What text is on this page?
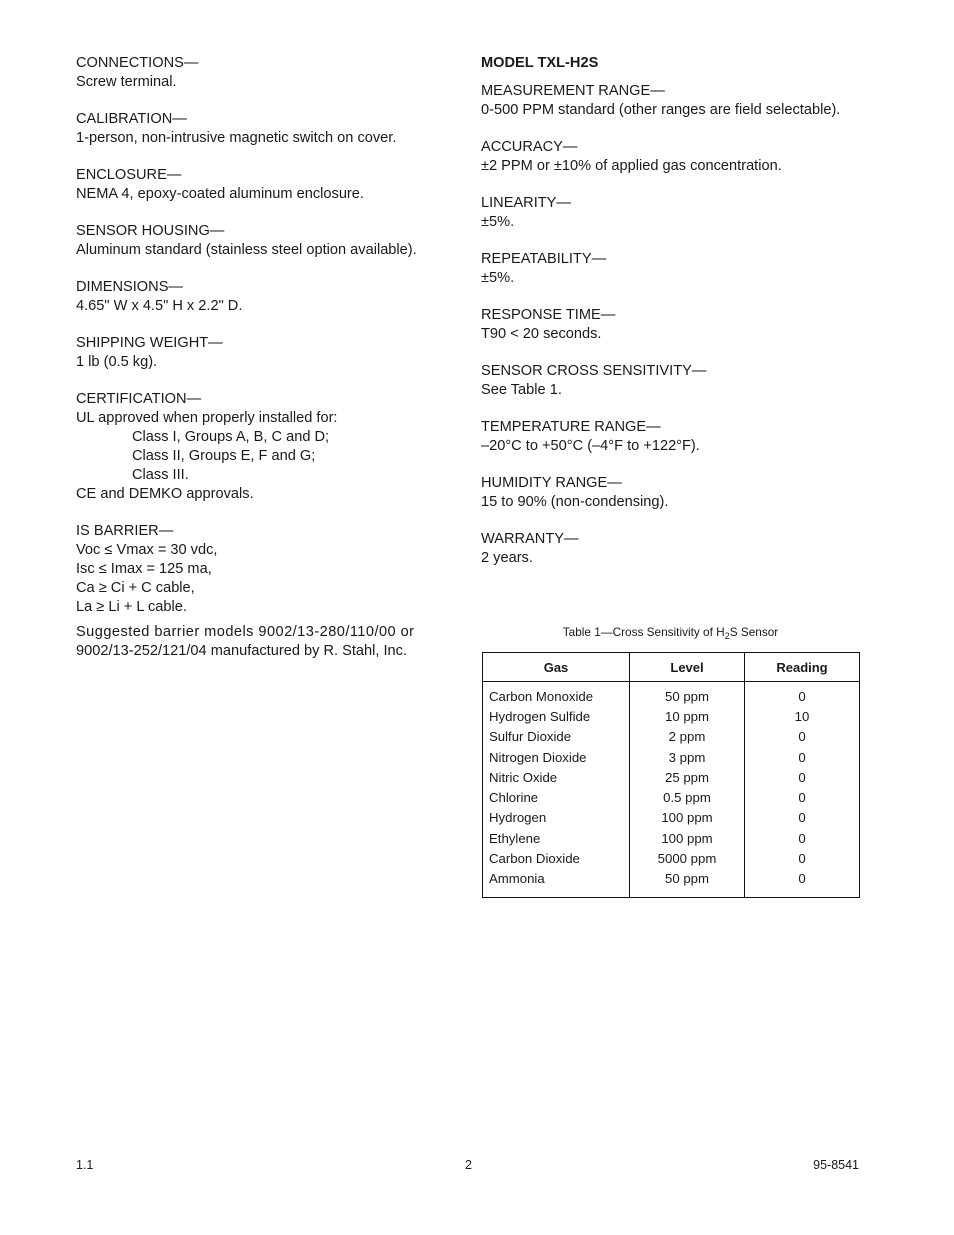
CONNECTIONS—

Screw terminal.

CALIBRATION—

1-person, non-intrusive magnetic switch on cover.

ENCLOSURE—

NEMA 4, epoxy-coated aluminum enclosure.

SENSOR HOUSING—

Aluminum standard (stainless steel option available).

DIMENSIONS—

4.65" W x 4.5" H x 2.2" D.

SHIPPING WEIGHT—

1 lb (0.5 kg).

CERTIFICATION—

UL approved when properly installed for:

Class I, Groups A, B, C and D;

Class II, Groups E, F and G;

Class III.

CE and DEMKO approvals.

IS BARRIER—

Voc ≤ Vmax = 30 vdc,

Isc ≤ Imax = 125 ma,

Ca ≥ Ci + C cable,

La ≥ Li + L cable.

Suggested barrier models 9002/13-280/110/00 or
9002/13-252/121/04 manufactured by R. Stahl, Inc.

MODEL TXL-H2S

MEASUREMENT RANGE—

0-500 PPM standard (other ranges are field selectable).

ACCURACY—

±2 PPM or ±10% of applied gas concentration.

LINEARITY—

±5%.

REPEATABILITY—

±5%.

RESPONSE TIME—

T90 < 20 seconds.

SENSOR CROSS SENSITIVITY—

See Table 1.

TEMPERATURE RANGE—

–20°C to +50°C (–4°F to +122°F).

HUMIDITY RANGE—

15 to 90% (non-condensing).

WARRANTY—

2 years.

Table 1—Cross Sensitivity of $H_2S$ Sensor
Gas	Level	Reading
Carbon Monoxide	50 ppm	0
Hydrogen Sulfide	10 ppm	10
Sulfur Dioxide	2 ppm	0
Nitrogen Dioxide	3 ppm	0
Nitric Oxide	25 ppm	0
Chlorine	0.5 ppm	0
Hydrogen	100 ppm	0
Ethylene	100 ppm	0
Carbon Dioxide	5000 ppm	0
Ammonia	50 ppm	0
1.1	2	95-8541
